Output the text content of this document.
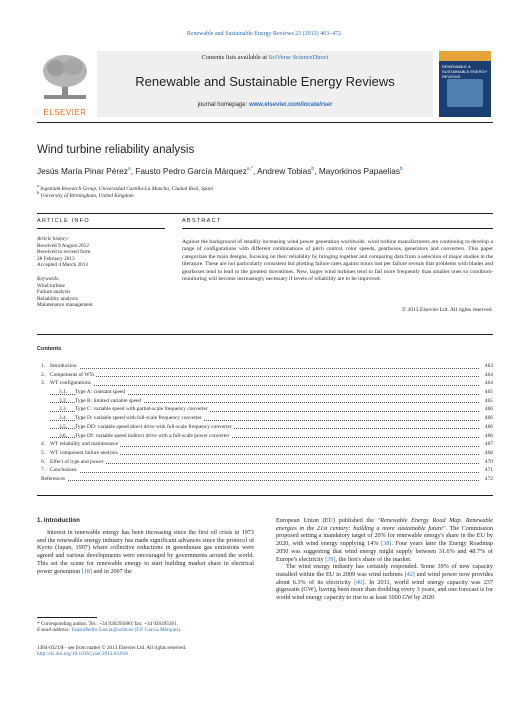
Renewable and Sustainable Energy Reviews 23 (2013) 463–472
ELSEVIER
Contents lists available at SciVerse ScienceDirect
Renewable and Sustainable Energy Reviews
journal homepage: www.elsevier.com/locate/rser
RENEWABLE & SUSTAINABLE ENERGY REVIEWS
Wind turbine reliability analysis
Jesús María Pinar Pérez$^a$, Fausto Pedro García Márquez$^{a,*}$, Andrew Tobias$^b$, Mayorkinos Papaelias$^b$
$^a$ Ingenium Research Group, Universidad Castilla-La Mancha, Ciudad Real, Spain
$^b$ University of Birmingham, United Kingdom
ARTICLE INFO	ABSTRACT
Article history:
Received 9 August 2012
Received in revised form
28 February 2013
Accepted 4 March 2013
Keywords:
Wind turbine
Failure analysis
Reliability analysis
Maintenance management
Against the background of steadily increasing wind power generation worldwide, wind turbine manufacturers are continuing to develop a range of configurations with different combinations of pitch control, rotor speeds, gearboxes, generators and converters. This paper categorizes the main designs, focusing on their reliability by bringing together and comparing data from a selection of major studies in the literature. These are not particularly consistent but plotting failure rates against hours lost per failure reveals that problems with blades and gearboxes tend to lead to the greatest downtimes. New, larger wind turbines tend to fail more frequently than smaller ones so condition-monitoring will become increasingly necessary if levels of reliability are to be improved.
© 2013 Elsevier Ltd. All rights reserved.
Contents
1. Introduction	463
2. Components of WTs	464
3. WT configurations	464
3.1. Type A: constant speed	465
3.2. Type B: limited variable speed	465
3.3. Type C: variable speed with partial-scale frequency converter	466
3.4. Type D: variable speed with full-scale frequency converter	466
3.5. Type DD: variable speed direct drive with full-scale frequency converter	466
3.6. Type DI: variable speed indirect drive with a full-scale power converter	466
4. WT reliability and maintenance	467
5. WT component failure analysis	468
6. Effect of type and power	470
7. Conclusions	471
References	472
1. Introduction

Interest in renewable energy has been increasing since the first oil crisis in 1973 and the renewable energy industry has made significant advances since the protocol of Kyoto (Japan, 1997) where collective reductions in greenhouse gas emissions were agreed and various developments were encouraged by governments around the world. This set the scene for renewable energy to start building market share in electrical power generation [18] and in 2007 the

European Union (EU) published the "Renewable Energy Road Map. Renewable energies in the 21st century: building a more sustainable future". The Commission proposed setting a mandatory target of 20% for renewable energy's share in the EU by 2020, with wind energy supplying 14% [38]. Four years later the Energy Roadmap 2050 was suggesting that wind energy might supply between 31.6% and 48.7% of Europe's electricity [39], the lion's share of the market.

The wind energy industry has certainly responded. Some 39% of new capacity installed within the EU in 2009 was wind turbines [42] and wind power now provides about 6.3% of its electricity [40]. In 2011, world wind energy capacity was 237 gigawatts (GW), having been more than doubling every 3 years, and one forecast is for world wind energy capacity to rise to at least 1000 GW by 2020

* Corresponding author. Tel.: +34 926295600; fax: +34 926295361.
E-mail address: FaustoPedro.Garcia@uclm.es (F.P. García Márquez).
1364-0321/$ - see front matter © 2013 Elsevier Ltd. All rights reserved.
http://dx.doi.org/10.1016/j.rser.2013.03.018
